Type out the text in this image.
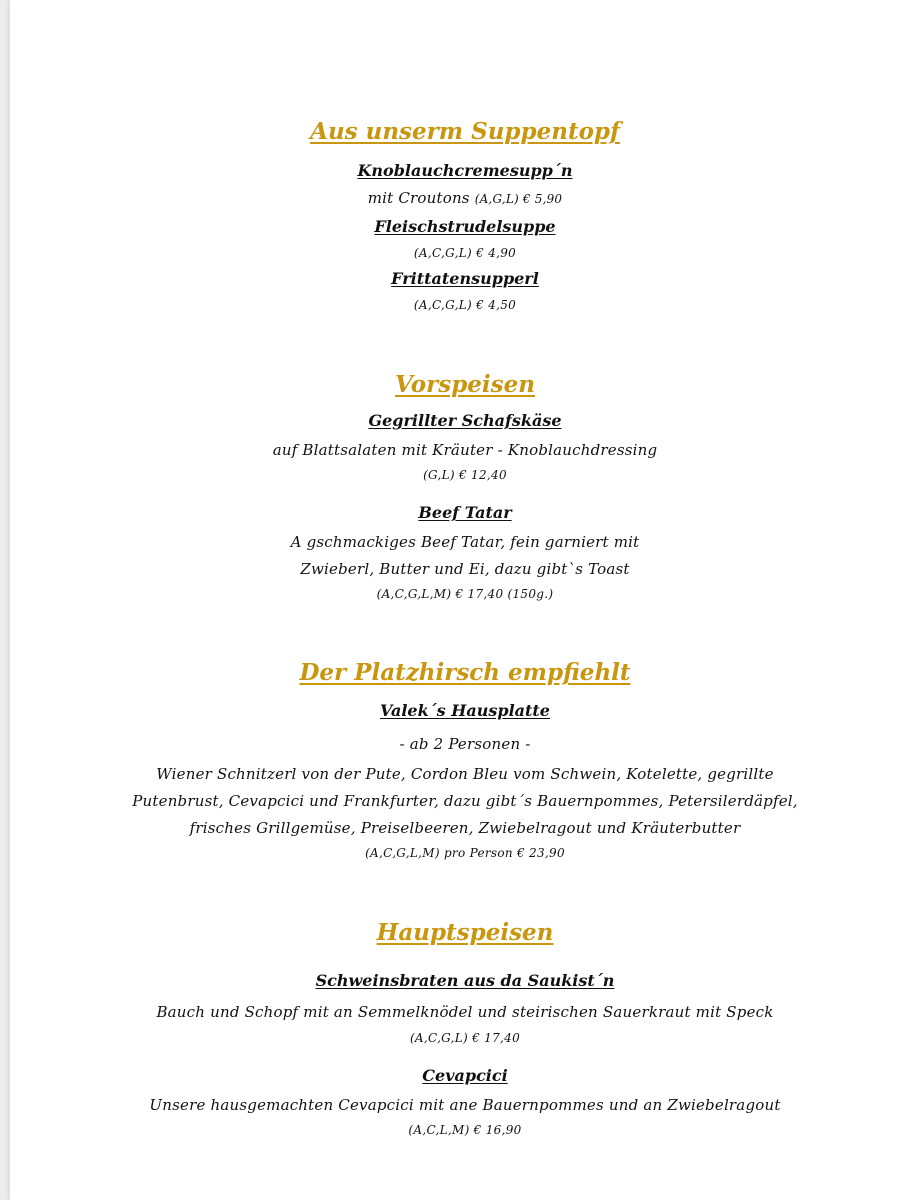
Aus unserm Suppentopf
Knoblauchcremesupp´n
mit Croutons (A,G,L) € 5,90
Fleischstrudelsuppe
(A,C,G,L) € 4,90
Frittatensupperl
(A,C,G,L) € 4,50
Vorspeisen
Gegrillter Schafskäse
auf Blattsalaten mit Kräuter - Knoblauchdressing
(G,L) € 12,40
Beef Tatar
A gschmackiges Beef Tatar, fein garniert mit
Zwieberl, Butter und Ei, dazu gibt`s Toast
(A,C,G,L,M) € 17,40 (150g.)
Der Platzhirsch empfiehlt
Valek´s Hausplatte
- ab 2 Personen -
Wiener Schnitzerl von der Pute, Cordon Bleu vom Schwein, Kotelette, gegrillte
Putenbrust, Cevapcici und Frankfurter, dazu gibt´s Bauernpommes, Petersilerdäpfel,
frisches Grillgemüse, Preiselbeeren, Zwiebelragout und Kräuterbutter
(A,C,G,L,M) pro Person € 23,90
Hauptspeisen
Schweinsbraten aus da Saukist´n
Bauch und Schopf mit an Semmelknödel und steirischen Sauerkraut mit Speck
(A,C,G,L) € 17,40
Cevapcici
Unsere hausgemachten Cevapcici mit ane Bauernpommes und an Zwiebelragout
(A,C,L,M) € 16,90
